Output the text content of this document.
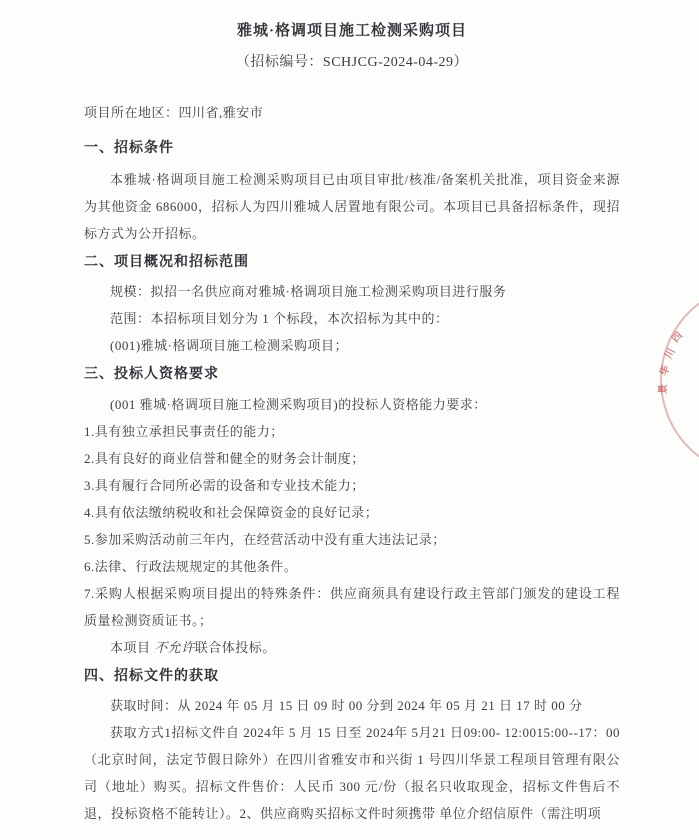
雅城·格调项目施工检测采购项目
（招标编号：SCHJCG-2024-04-29）

项目所在地区：四川省,雅安市

一、招标条件

本雅城·格调项目施工检测采购项目已由项目审批/核准/备案机关批准，项目资金来源为其他资金 686000，招标人为四川雅城人居置地有限公司。本项目已具备招标条件，现招标方式为公开招标。

二、项目概况和招标范围

规模：拟招一名供应商对雅城·格调项目施工检测采购项目进行服务

范围：本招标项目划分为 1 个标段，本次招标为其中的：

(001)雅城·格调项目施工检测采购项目；

三、投标人资格要求

(001 雅城·格调项目施工检测采购项目)的投标人资格能力要求：

1.具有独立承担民事责任的能力；

2.具有良好的商业信誉和健全的财务会计制度；

3.具有履行合同所必需的设备和专业技术能力；

4.具有依法缴纳税收和社会保障资金的良好记录；

5.参加采购活动前三年内，在经营活动中没有重大违法记录；

6.法律、行政法规规定的其他条件。

7.采购人根据采购项目提出的特殊条件：供应商须具有建设行政主管部门颁发的建设工程质量检测资质证书。；

本项目 不允许联合体投标。

四、招标文件的获取

获取时间：从 2024 年 05 月 15 日 09 时 00 分到 2024 年 05 月 21 日 17 时 00 分

获取方式1招标文件自 2024年 5 月 15 日至 2024年 5月21 日09:00- 12:0015:00--17：00（北京时间，法定节假日除外）在四川省雅安市和兴街 1 号四川华景工程项目管理有限公司（地址）购买。招标文件售价：人民币 300 元/份（报名只收取现金，招标文件售后不退，投标资格不能转让）。2、供应商购买招标文件时须携带 单位介绍信原件（需注明项

四
川
华
景
